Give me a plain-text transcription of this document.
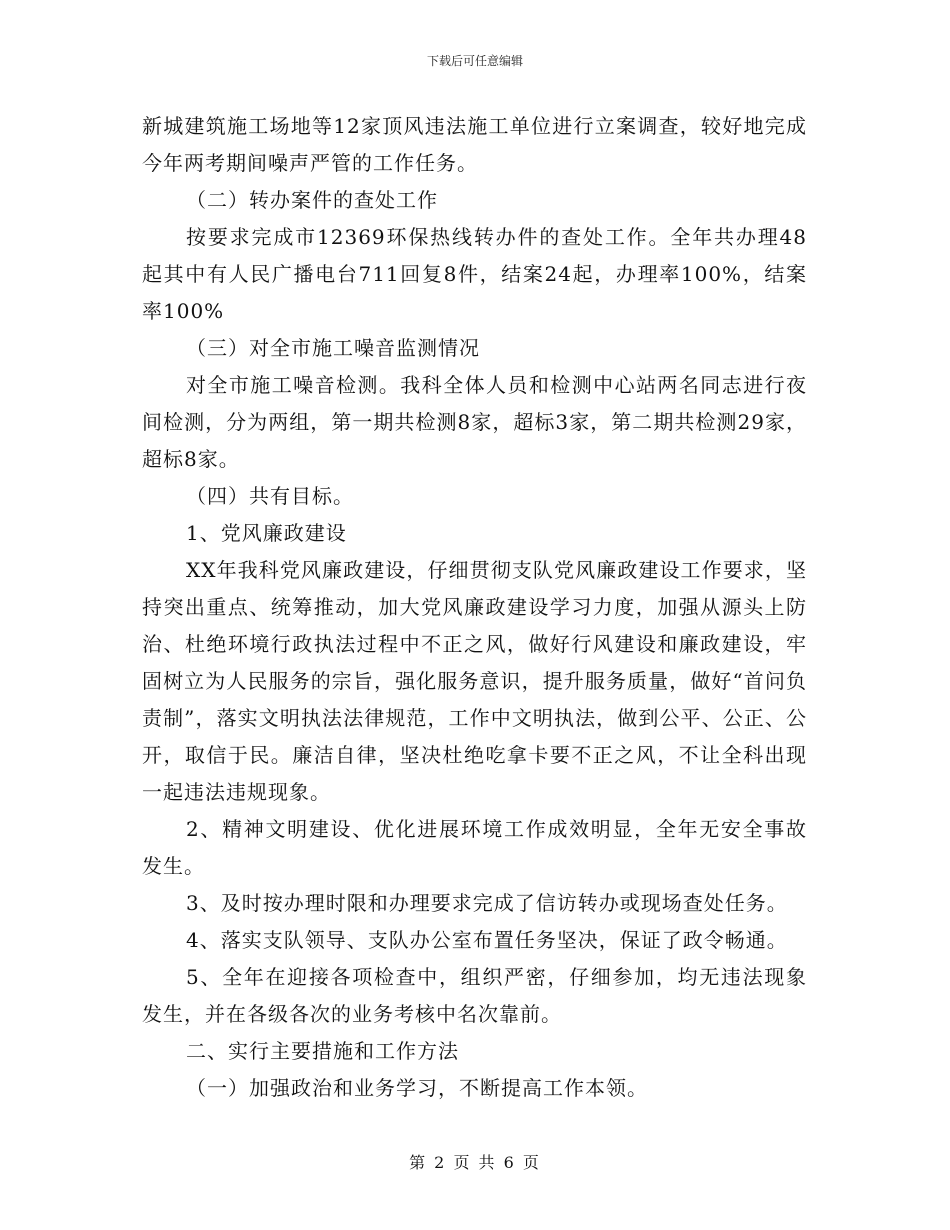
下载后可任意编辑

新城建筑施工场地等12家顶风违法施工单位进行立案调查，较好地完成今年两考期间噪声严管的工作任务。

（二）转办案件的查处工作

按要求完成市12369环保热线转办件的查处工作。全年共办理48起其中有人民广播电台711回复8件，结案24起，办理率100%，结案率100%

（三）对全市施工噪音监测情况

对全市施工噪音检测。我科全体人员和检测中心站两名同志进行夜间检测，分为两组，第一期共检测8家，超标3家，第二期共检测29家，超标8家。

（四）共有目标。

1、党风廉政建设

XX年我科党风廉政建设，仔细贯彻支队党风廉政建设工作要求，坚持突出重点、统筹推动，加大党风廉政建设学习力度，加强从源头上防治、杜绝环境行政执法过程中不正之风，做好行风建设和廉政建设，牢固树立为人民服务的宗旨，强化服务意识，提升服务质量，做好“首问负责制”，落实文明执法法律规范，工作中文明执法，做到公平、公正、公开，取信于民。廉洁自律，坚决杜绝吃拿卡要不正之风，不让全科出现一起违法违规现象。

2、精神文明建设、优化进展环境工作成效明显，全年无安全事故发生。

3、及时按办理时限和办理要求完成了信访转办或现场查处任务。

4、落实支队领导、支队办公室布置任务坚决，保证了政令畅通。

5、全年在迎接各项检查中，组织严密，仔细参加，均无违法现象发生，并在各级各次的业务考核中名次靠前。

二、实行主要措施和工作方法

（一）加强政治和业务学习，不断提高工作本领。

第 2 页 共 6 页
